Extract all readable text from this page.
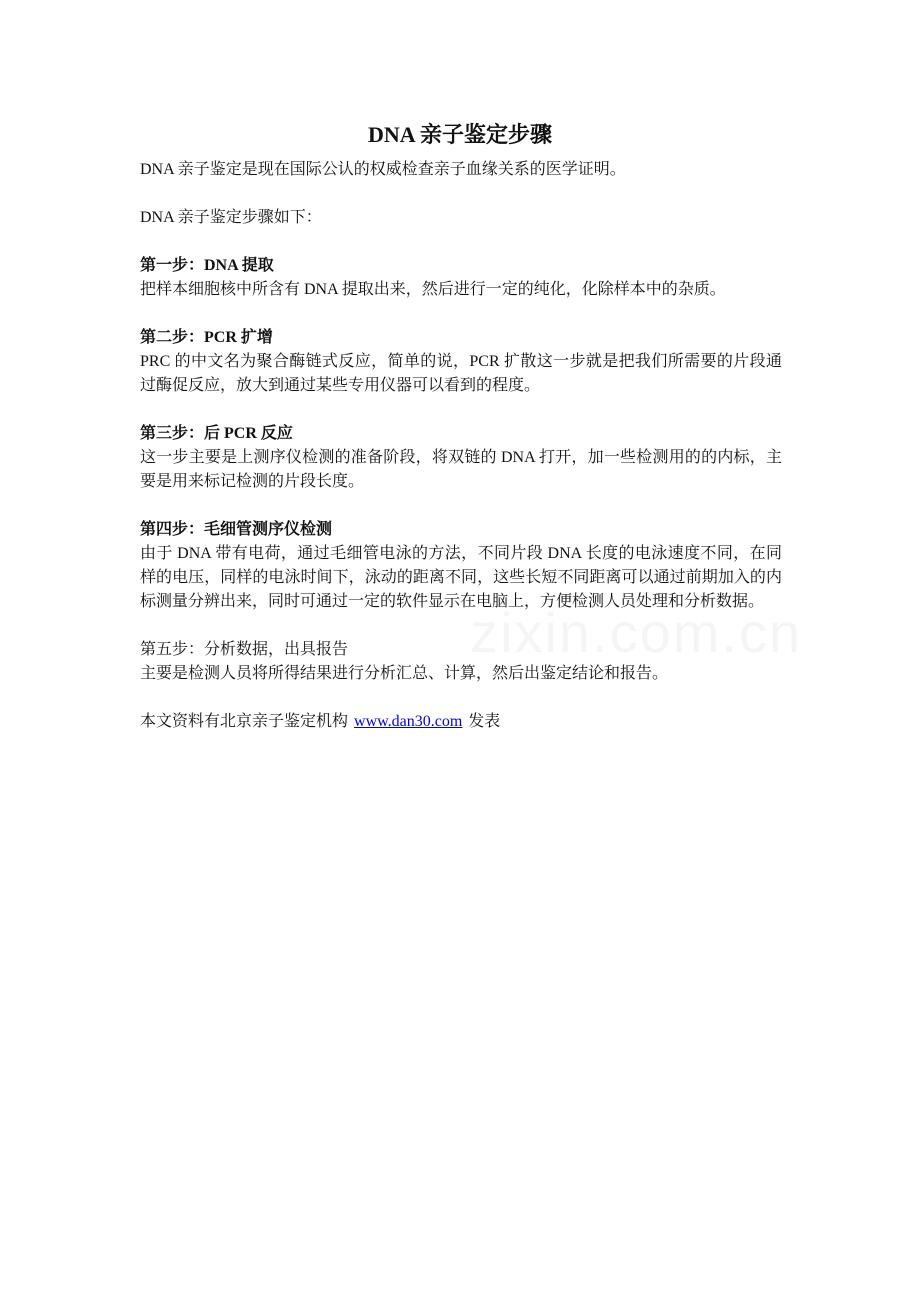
DNA 亲子鉴定步骤

DNA 亲子鉴定是现在国际公认的权威检查亲子血缘关系的医学证明。

DNA 亲子鉴定步骤如下：

第一步：DNA 提取

把样本细胞核中所含有 DNA 提取出来，然后进行一定的纯化，化除样本中的杂质。

第二步：PCR 扩增

PRC 的中文名为聚合酶链式反应，简单的说，PCR 扩散这一步就是把我们所需要的片段通过酶促反应，放大到通过某些专用仪器可以看到的程度。

第三步：后 PCR 反应

这一步主要是上测序仪检测的准备阶段，将双链的 DNA 打开，加一些检测用的的内标，主要是用来标记检测的片段长度。

第四步：毛细管测序仪检测

由于 DNA 带有电荷，通过毛细管电泳的方法，不同片段 DNA 长度的电泳速度不同，在同样的电压，同样的电泳时间下，泳动的距离不同，这些长短不同距离可以通过前期加入的内标测量分辨出来，同时可通过一定的软件显示在电脑上，方便检测人员处理和分析数据。

第五步：分析数据，出具报告

主要是检测人员将所得结果进行分析汇总、计算，然后出鉴定结论和报告。

本文资料有北京亲子鉴定机构 www.dan30.com 发表
